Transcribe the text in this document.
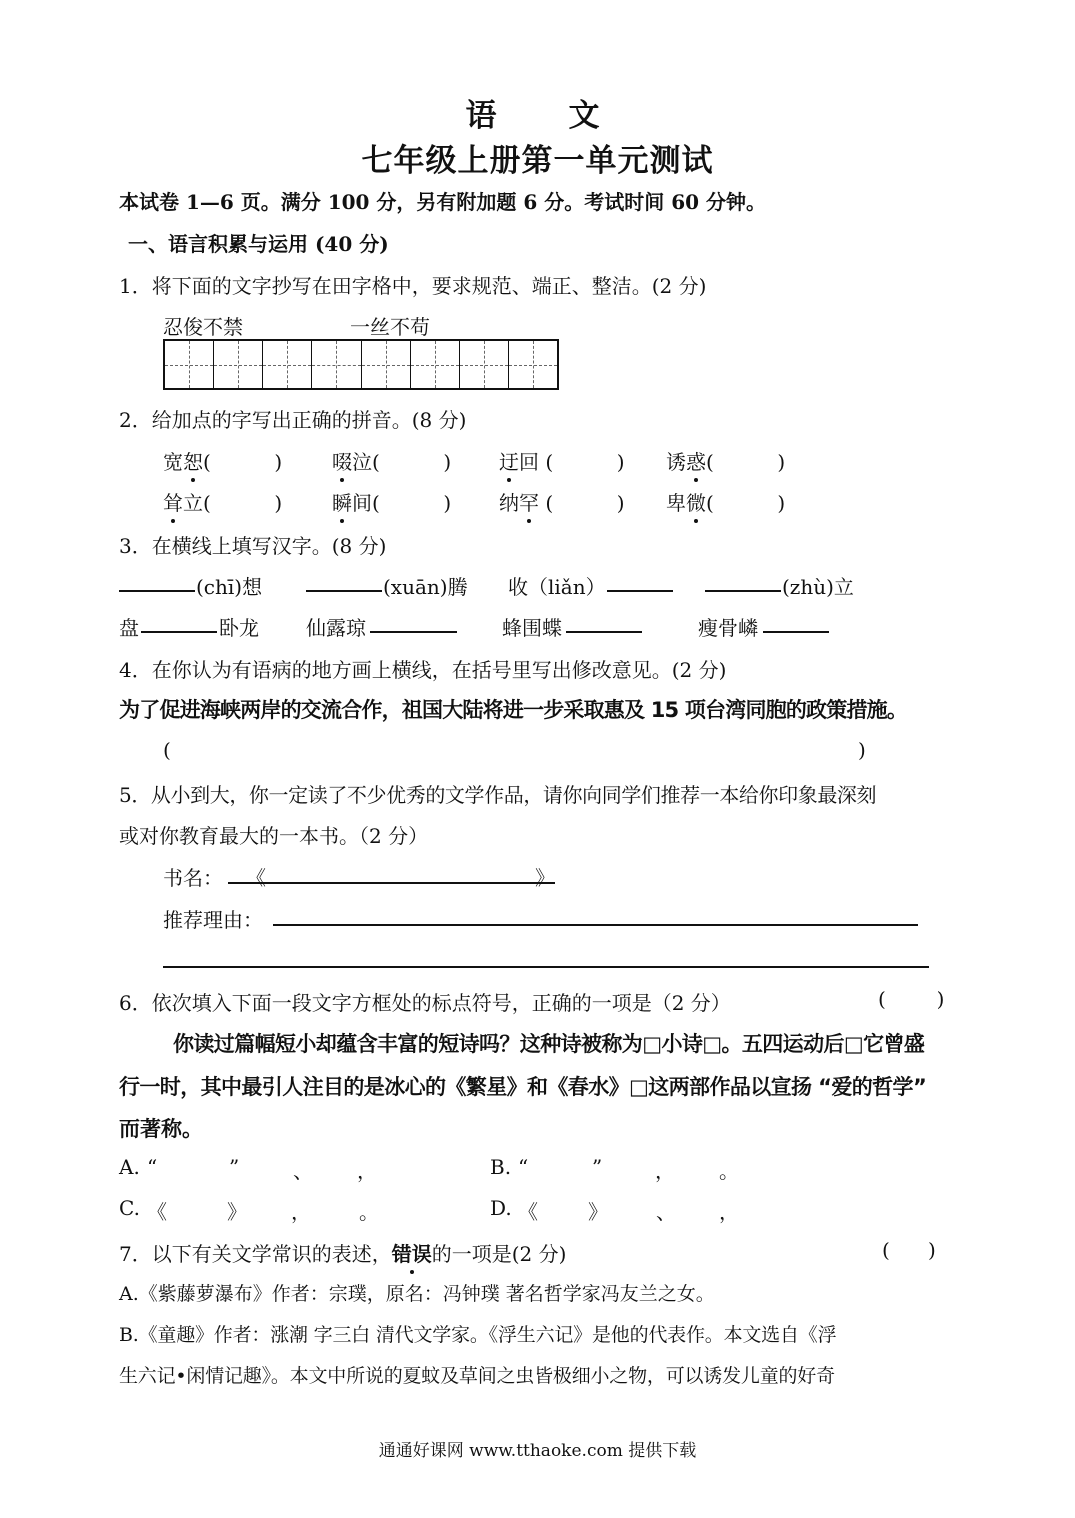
语 文
七年级上册第一单元测试
本试卷 1—6 页。满分 100 分，另有附加题 6 分。考试时间 60 分钟。
一、语言积累与运用 (40 分)
1．将下面的文字抄写在田字格中，要求规范、端正、整洁。(2 分)
忍俊不禁	一丝不苟
2．给加点的字写出正确的拼音。(8 分)
宽恕(          ) 啜泣(          ) 迂回 (          ) 诱惑(          )
耸立(          ) 瞬间(          ) 纳罕 (          ) 卑微(          )
3．在横线上填写汉字。(8 分)
(chī)想	(xuān)腾 收（liǎn）	(zhù)立
盘	卧龙 仙露琼	蜂围蝶	瘦骨嶙
4．在你认为有语病的地方画上横线，在括号里写出修改意见。(2 分)
为了促进海峡两岸的交流合作，祖国大陆将进一步采取惠及 15 项台湾同胞的政策措施。
(	)
5．从小到大，你一定读了不少优秀的文学作品，请你向同学们推荐一本给你印象最深刻
或对你教育最大的一本书。（2 分）
书名： 《	》
推荐理由：
6．依次填入下面一段文字方框处的标点符号，正确的一项是（2 分）	(        )
你读过篇幅短小却蕴含丰富的短诗吗？这种诗被称为□小诗□。五四运动后□它曾盛
行一时，其中最引人注目的是冰心的《繁星》和《春水》□这两部作品以宣扬 “爱的哲学”
而著称。
A. “	”	、 ，	B. “	”	， 。
C. 《	》 ， 。	D. 《	》 、 ，
7．以下有关文学常识的表述，错误的一项是(2 分)	(      )
A.《紫藤萝瀑布》作者：宗璞，原名：冯钟璞 著名哲学家冯友兰之女。
B.《童趣》作者：涨潮 字三白 清代文学家。《浮生六记》是他的代表作。本文选自《浮
生六记•闲情记趣》。本文中所说的夏蚊及草间之虫皆极细小之物，可以诱发儿童的好奇
通通好课网 www.tthaoke.com 提供下载
